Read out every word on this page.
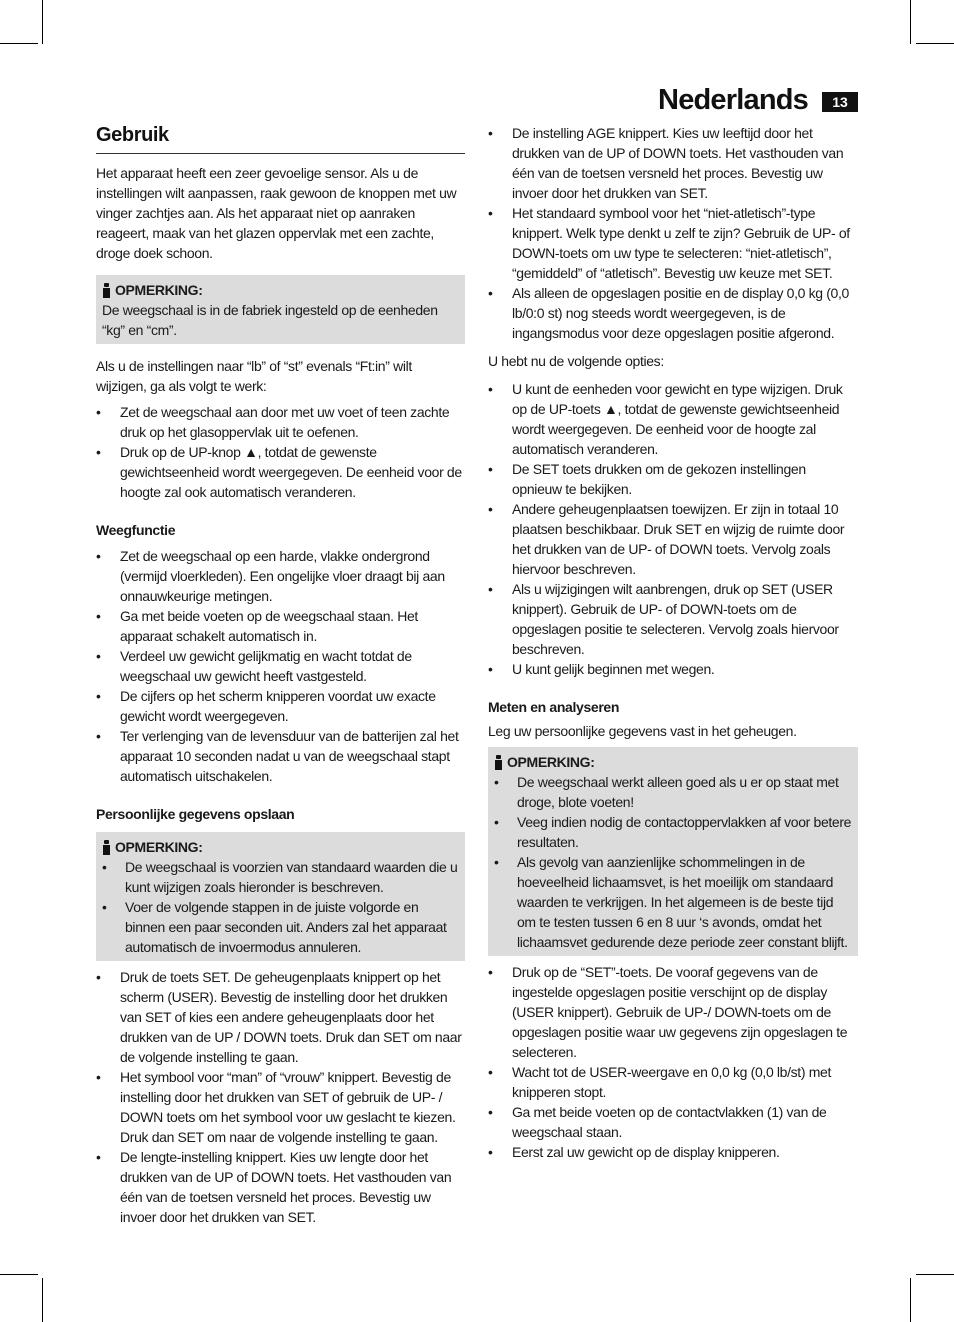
Nederlands	13
Gebruik

Het apparaat heeft een zeer gevoelige sensor. Als u de instellingen wilt aanpassen, raak gewoon de knoppen met uw vinger zachtjes aan. Als het apparaat niet op aanraken reageert, maak van het glazen oppervlak met een zachte, droge doek schoon.

OPMERKING:

De weegschaal is in de fabriek ingesteld op de eenheden “kg” en “cm”.

Als u de instellingen naar “lb” of “st” evenals “Ft:in” wilt wijzigen, ga als volgt te werk:

• Zet de weegschaal aan door met uw voet of teen zachte druk op het glasoppervlak uit te oefenen.
• Druk op de UP-knop ▲, totdat de gewenste gewichtseenheid wordt weergegeven. De eenheid voor de hoogte zal ook automatisch veranderen.
Weegfunctie
• Zet de weegschaal op een harde, vlakke ondergrond (vermijd vloerkleden). Een ongelijke vloer draagt bij aan onnauwkeurige metingen.
• Ga met beide voeten op de weegschaal staan. Het apparaat schakelt automatisch in.
• Verdeel uw gewicht gelijkmatig en wacht totdat de weegschaal uw gewicht heeft vastgesteld.
• De cijfers op het scherm knipperen voordat uw exacte gewicht wordt weergegeven.
• Ter verlenging van de levensduur van de batterijen zal het apparaat 10 seconden nadat u van de weegschaal stapt automatisch uitschakelen.
Persoonlijke gegevens opslaan
OPMERKING:
• De weegschaal is voorzien van standaard waarden die u kunt wijzigen zoals hieronder is beschreven.
• Voer de volgende stappen in de juiste volgorde en binnen een paar seconden uit. Anders zal het apparaat automatisch de invoermodus annuleren.
• Druk de toets SET. De geheugenplaats knippert op het scherm (USER). Bevestig de instelling door het drukken van SET of kies een andere geheugenplaats door het drukken van de UP / DOWN toets. Druk dan SET om naar de volgende instelling te gaan.
• Het symbool voor “man” of “vrouw” knippert. Bevestig de instelling door het drukken van SET of gebruik de UP- / DOWN toets om het symbool voor uw geslacht te kiezen. Druk dan SET om naar de volgende instelling te gaan.
• De lengte-instelling knippert. Kies uw lengte door het drukken van de UP of DOWN toets. Het vasthouden van één van de toetsen versneld het proces. Bevestig uw invoer door het drukken van SET.
• De instelling AGE knippert. Kies uw leeftijd door het drukken van de UP of DOWN toets. Het vasthouden van één van de toetsen versneld het proces. Bevestig uw invoer door het drukken van SET.
• Het standaard symbool voor het “niet-atletisch”-type knippert. Welk type denkt u zelf te zijn? Gebruik de UP- of DOWN-toets om uw type te selecteren: “niet-atletisch”, “gemiddeld” of “atletisch”. Bevestig uw keuze met SET.
• Als alleen de opgeslagen positie en de display 0,0 kg (0,0 lb/0:0 st) nog steeds wordt weergegeven, is de ingangsmodus voor deze opgeslagen positie afgerond.

U hebt nu de volgende opties:

• U kunt de eenheden voor gewicht en type wijzigen. Druk op de UP-toets ▲, totdat de gewenste gewichtseenheid wordt weergegeven. De eenheid voor de hoogte zal automatisch veranderen.
• De SET toets drukken om de gekozen instellingen opnieuw te bekijken.
• Andere geheugenplaatsen toewijzen. Er zijn in totaal 10 plaatsen beschikbaar. Druk SET en wijzig de ruimte door het drukken van de UP- of DOWN toets. Vervolg zoals hiervoor beschreven.
• Als u wijzigingen wilt aanbrengen, druk op SET (USER knippert). Gebruik de UP- of DOWN-toets om de opgeslagen positie te selecteren. Vervolg zoals hiervoor beschreven.
• U kunt gelijk beginnen met wegen.
Meten en analyseren

Leg uw persoonlijke gegevens vast in het geheugen.

OPMERKING:
• De weegschaal werkt alleen goed als u er op staat met droge, blote voeten!
• Veeg indien nodig de contactoppervlakken af voor betere resultaten.
• Als gevolg van aanzienlijke schommelingen in de hoeveelheid lichaamsvet, is het moeilijk om standaard waarden te verkrijgen. In het algemeen is de beste tijd om te testen tussen 6 en 8 uur ‘s avonds, omdat het lichaamsvet gedurende deze periode zeer constant blijft.
• Druk op de “SET”-toets. De vooraf gegevens van de ingestelde opgeslagen positie verschijnt op de display (USER knippert). Gebruik de UP-/ DOWN-toets om de opgeslagen positie waar uw gegevens zijn opgeslagen te selecteren.
• Wacht tot de USER-weergave en 0,0 kg (0,0 lb/st) met knipperen stopt.
• Ga met beide voeten op de contactvlakken (1) van de weegschaal staan.
• Eerst zal uw gewicht op de display knipperen.
